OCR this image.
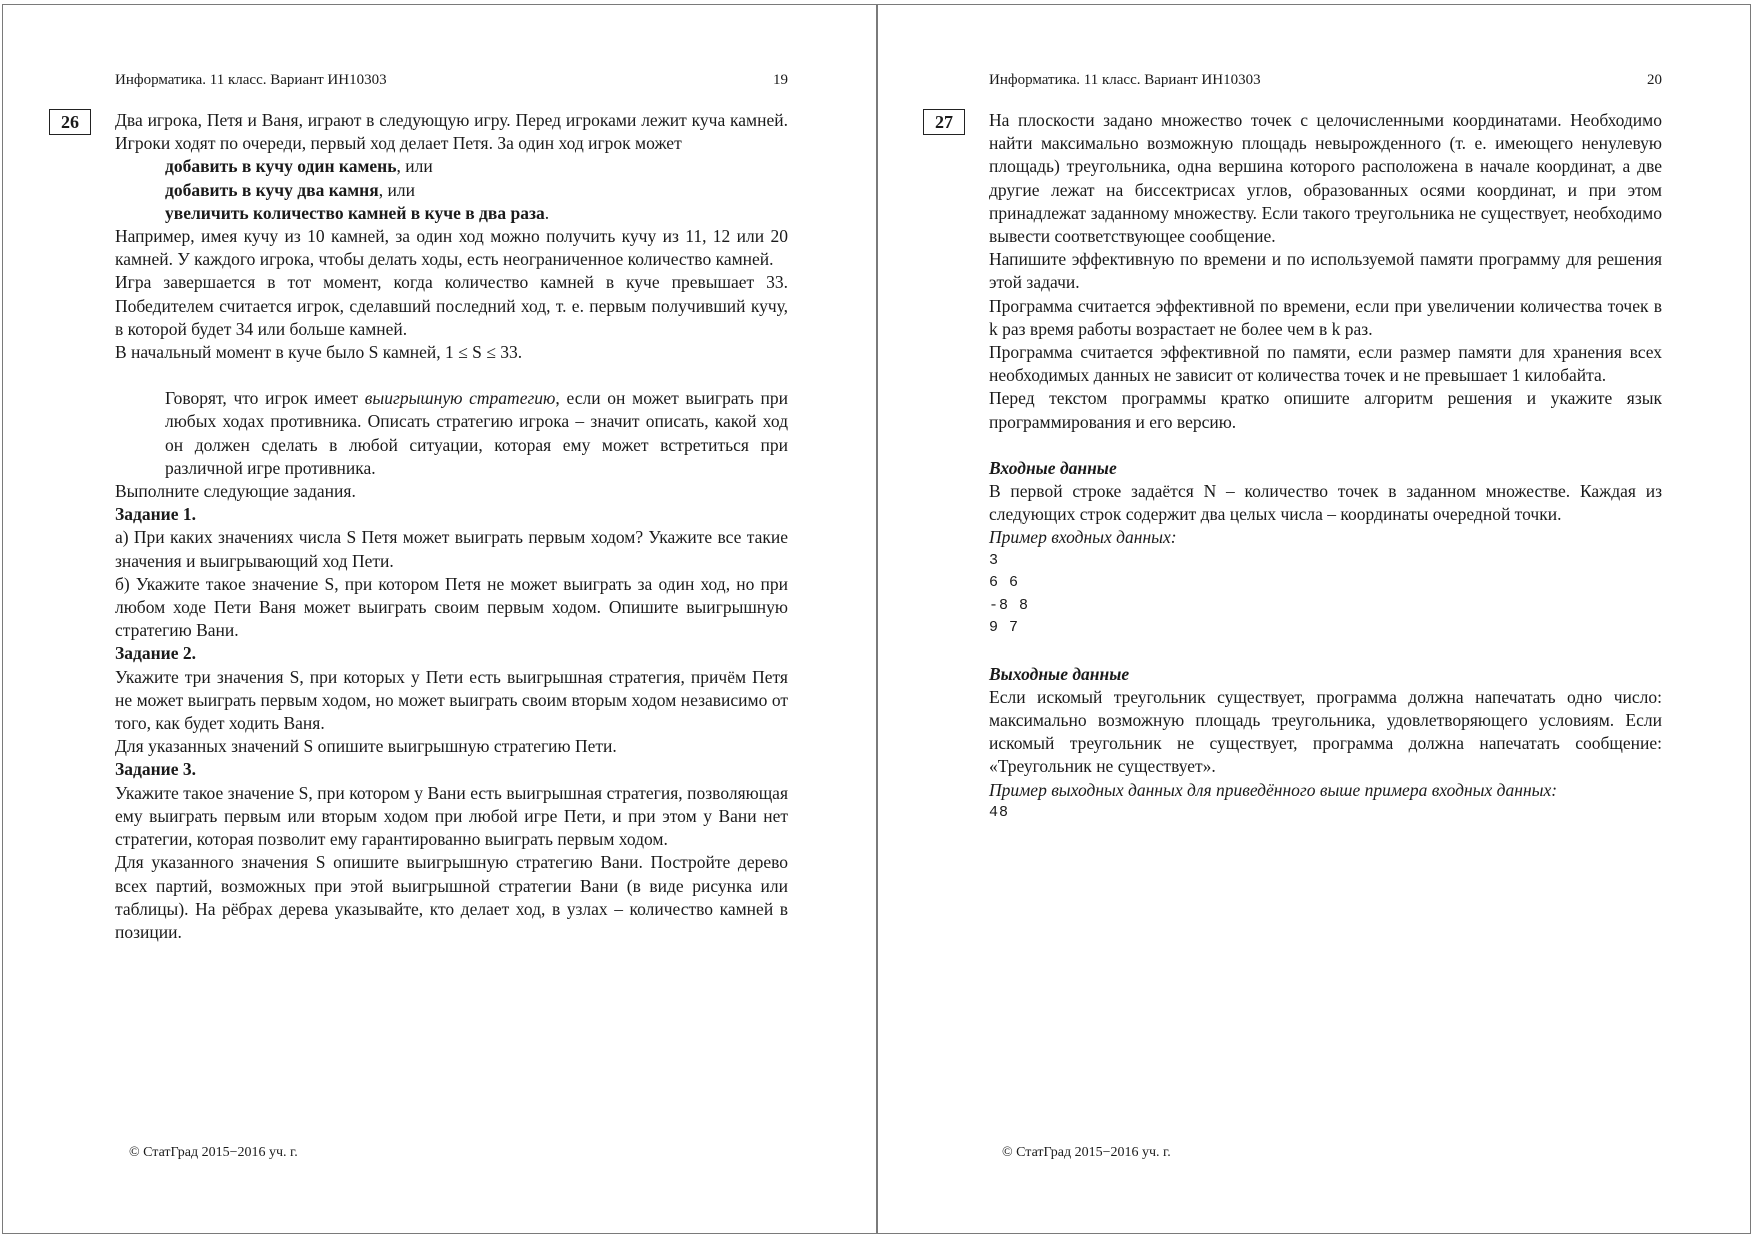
Информатика. 11 класс. Вариант ИН10303	19
26	Два игрока, Петя и Ваня, играют в следующую игру. Перед игроками лежит куча камней. Игроки ходят по очереди, первый ход делает Петя. За один ход игрок может

добавить в кучу один камень, или

добавить в кучу два камня, или

увеличить количество камней в куче в два раза.

Например, имея кучу из 10 камней, за один ход можно получить кучу из 11, 12 или 20 камней. У каждого игрока, чтобы делать ходы, есть неограниченное количество камней.

Игра завершается в тот момент, когда количество камней в куче превышает 33. Победителем считается игрок, сделавший последний ход, т. е. первым получивший кучу, в которой будет 34 или больше камней.

В начальный момент в куче было S камней, 1 ≤ S ≤ 33.

Говорят, что игрок имеет выигрышную стратегию, если он может выиграть при любых ходах противника. Описать стратегию игрока – значит описать, какой ход он должен сделать в любой ситуации, которая ему может встретиться при различной игре противника.

Выполните следующие задания.

Задание 1.

а) При каких значениях числа S Петя может выиграть первым ходом? Укажите все такие значения и выигрывающий ход Пети.

б) Укажите такое значение S, при котором Петя не может выиграть за один ход, но при любом ходе Пети Ваня может выиграть своим первым ходом. Опишите выигрышную стратегию Вани.

Задание 2.

Укажите три значения S, при которых у Пети есть выигрышная стратегия, причём Петя не может выиграть первым ходом, но может выиграть своим вторым ходом независимо от того, как будет ходить Ваня.

Для указанных значений S опишите выигрышную стратегию Пети.

Задание 3.

Укажите такое значение S, при котором у Вани есть выигрышная стратегия, позволяющая ему выиграть первым или вторым ходом при любой игре Пети, и при этом у Вани нет стратегии, которая позволит ему гарантированно выиграть первым ходом.

Для указанного значения S опишите выигрышную стратегию Вани. Постройте дерево всех партий, возможных при этой выигрышной стратегии Вани (в виде рисунка или таблицы). На рёбрах дерева указывайте, кто делает ход, в узлах – количество камней в позиции.

© СтатГрад 2015−2016 уч. г.
Информатика. 11 класс. Вариант ИН10303	20
27	На плоскости задано множество точек с целочисленными координатами. Необходимо найти максимально возможную площадь невырожденного (т. е. имеющего ненулевую площадь) треугольника, одна вершина которого расположена в начале координат, а две другие лежат на биссектрисах углов, образованных осями координат, и при этом принадлежат заданному множеству. Если такого треугольника не существует, необходимо вывести соответствующее сообщение.

Напишите эффективную по времени и по используемой памяти программу для решения этой задачи.

Программа считается эффективной по времени, если при увеличении количества точек в k раз время работы возрастает не более чем в k раз.

Программа считается эффективной по памяти, если размер памяти для хранения всех необходимых данных не зависит от количества точек и не превышает 1 килобайта.

Перед текстом программы кратко опишите алгоритм решения и укажите язык программирования и его версию.

Входные данные

В первой строке задаётся N – количество точек в заданном множестве. Каждая из следующих строк содержит два целых числа – координаты очередной точки.

Пример входных данных:

3
6 6
-8 8
9 7

Выходные данные

Если искомый треугольник существует, программа должна напечатать одно число: максимально возможную площадь треугольника, удовлетворяющего условиям. Если искомый треугольник не существует, программа должна напечатать сообщение: «Треугольник не существует».

Пример выходных данных для приведённого выше примера входных данных:

48
© СтатГрад 2015−2016 уч. г.
